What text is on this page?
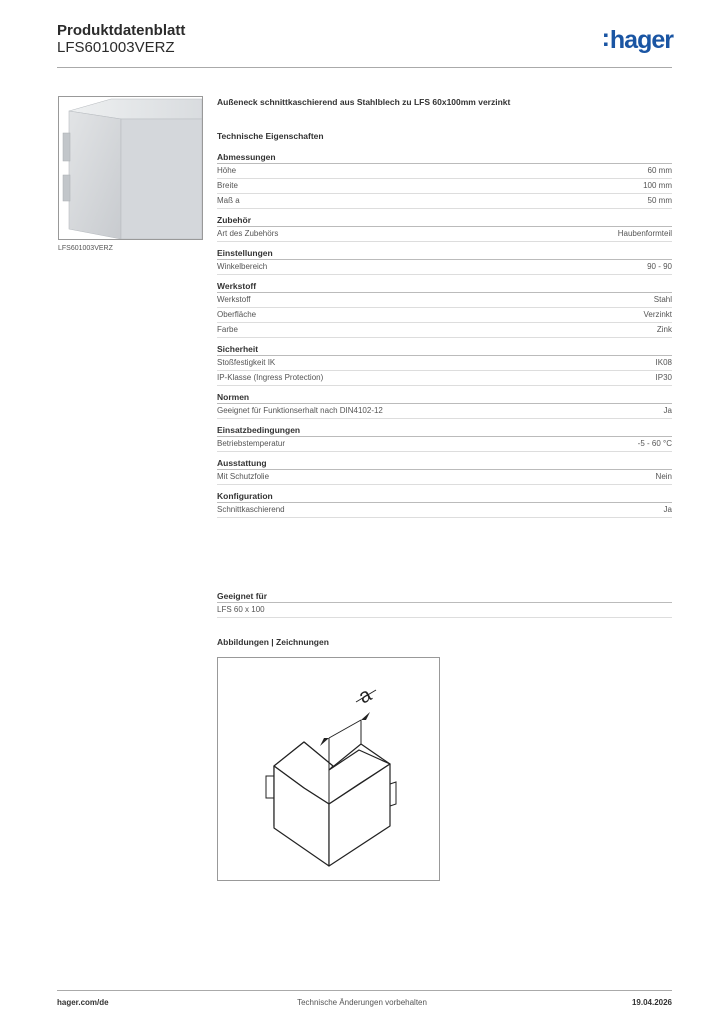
Produktdatenblatt
LFS601003VERZ	:hager
LFS601003VERZ
Außeneck schnittkaschierend aus Stahlblech zu LFS 60x100mm verzinkt
Technische Eigenschaften
Abmessungen
Höhe	60 mm
Breite	100 mm
Maß a	50 mm
Zubehör
Art des Zubehörs	Haubenformteil
Einstellungen
Winkelbereich	90 - 90
Werkstoff
Werkstoff	Stahl
Oberfläche	Verzinkt
Farbe	Zink
Sicherheit
Stoßfestigkeit IK	IK08
IP-Klasse (Ingress Protection)	IP30
Normen
Geeignet für Funktionserhalt nach DIN4102-12	Ja
Einsatzbedingungen
Betriebstemperatur	-5 - 60 °C
Ausstattung
Mit Schutzfolie	Nein
Konfiguration
Schnittkaschierend	Ja
Geeignet für
LFS 60 x 100
Abbildungen | Zeichnungen
a
hager.com/de	Technische Änderungen vorbehalten	19.04.2026
